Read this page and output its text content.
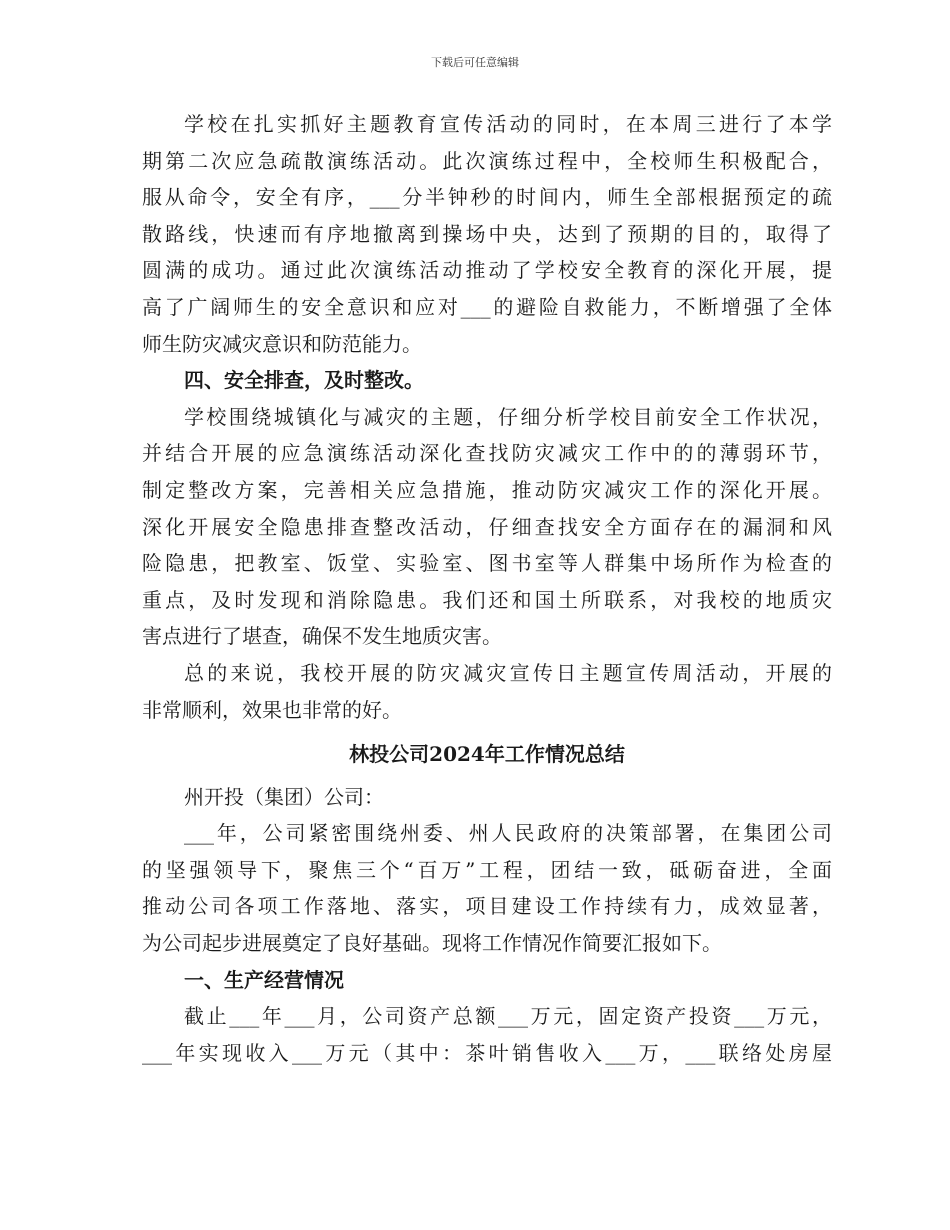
下载后可任意编辑
学校在扎实抓好主题教育宣传活动的同时，在本周三进行了本学
期第二次应急疏散演练活动。此次演练过程中，全校师生积极配合，
服从命令，安全有序，___分半钟秒的时间内，师生全部根据预定的疏
散路线，快速而有序地撤离到操场中央，达到了预期的目的，取得了
圆满的成功。通过此次演练活动推动了学校安全教育的深化开展，提
高了广阔师生的安全意识和应对___的避险自救能力，不断增强了全体
师生防灾减灾意识和防范能力。
四、安全排查，及时整改。
学校围绕城镇化与减灾的主题，仔细分析学校目前安全工作状况，
并结合开展的应急演练活动深化查找防灾减灾工作中的的薄弱环节，
制定整改方案，完善相关应急措施，推动防灾减灾工作的深化开展。
深化开展安全隐患排查整改活动，仔细查找安全方面存在的漏洞和风
险隐患，把教室、饭堂、实验室、图书室等人群集中场所作为检查的
重点，及时发现和消除隐患。我们还和国土所联系，对我校的地质灾
害点进行了堪查，确保不发生地质灾害。
总的来说，我校开展的防灾减灾宣传日主题宣传周活动，开展的
非常顺利，效果也非常的好。
林投公司2024年工作情况总结
州开投（集团）公司：
___年，公司紧密围绕州委、州人民政府的决策部署，在集团公司
的坚强领导下，聚焦三个“百万”工程，团结一致，砥砺奋进，全面
推动公司各项工作落地、落实，项目建设工作持续有力，成效显著，
为公司起步进展奠定了良好基础。现将工作情况作简要汇报如下。
一、生产经营情况
截止___年___月，公司资产总额___万元，固定资产投资___万元，
___年实现收入___万元（其中：茶叶销售收入___万，___联络处房屋
